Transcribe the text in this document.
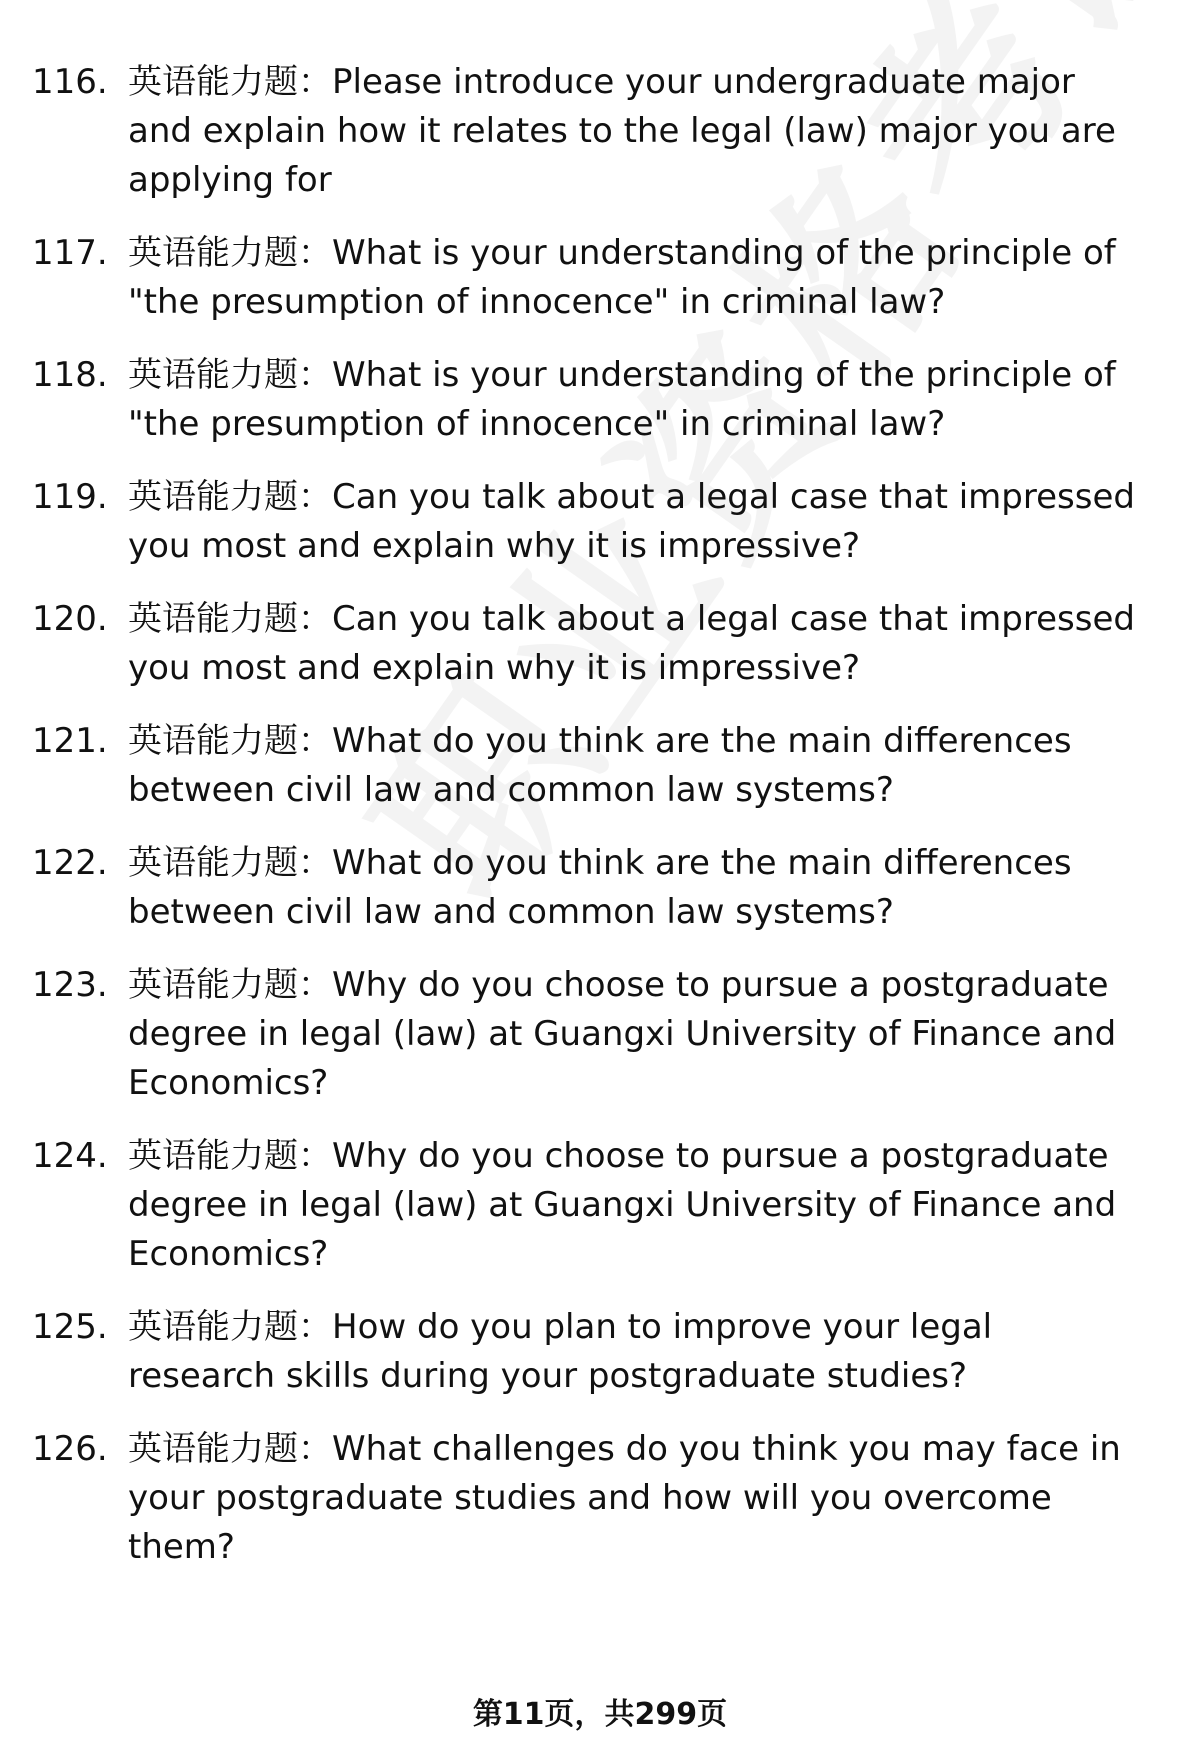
116. 英语能力题：Please introduce your undergraduate major and explain how it relates to the legal (law) major you are applying for
117. 英语能力题：What is your understanding of the principle of "the presumption of innocence" in criminal law?
118. 英语能力题：What is your understanding of the principle of "the presumption of innocence" in criminal law?
119. 英语能力题：Can you talk about a legal case that impressed you most and explain why it is impressive?
120. 英语能力题：Can you talk about a legal case that impressed you most and explain why it is impressive?
121. 英语能力题：What do you think are the main differences between civil law and common law systems?
122. 英语能力题：What do you think are the main differences between civil law and common law systems?
123. 英语能力题：Why do you choose to pursue a postgraduate degree in legal (law) at Guangxi University of Finance and Economics?
124. 英语能力题：Why do you choose to pursue a postgraduate degree in legal (law) at Guangxi University of Finance and Economics?
125. 英语能力题：How do you plan to improve your legal research skills during your postgraduate studies?
126. 英语能力题：What challenges do you think you may face in your postgraduate studies and how will you overcome them?
第11页，共299页
